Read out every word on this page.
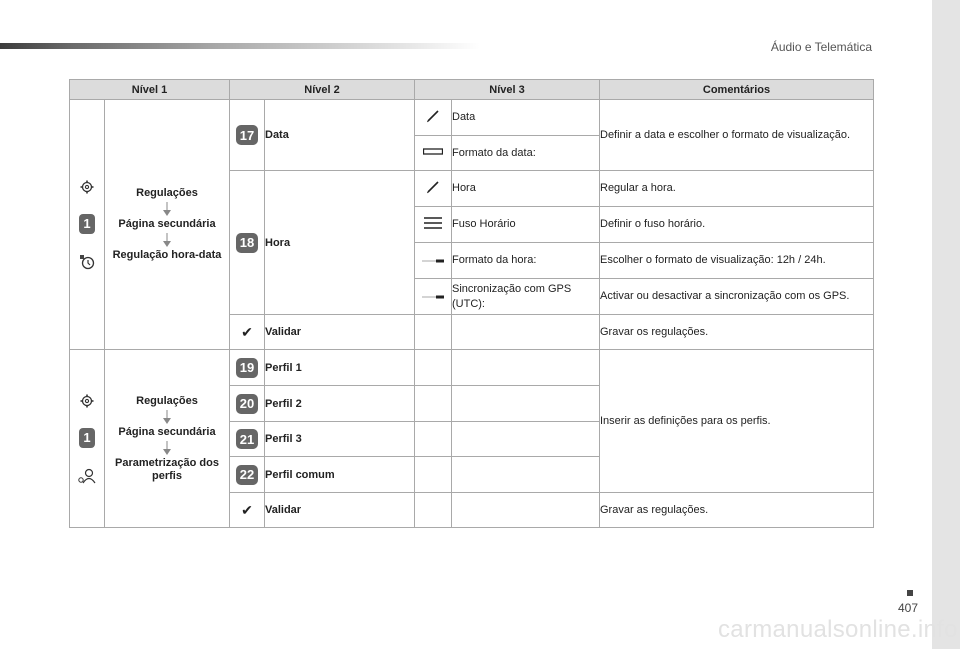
Áudio e Telemática
Nível 1		Nível 2		Nível 3		Comentários

1	Regulações
Página secundária
Regulação hora-data	17	Data		Data	Definir a data e escolher o formato de visualização.
	Formato da data:	
		18	Hora		Hora	Regular a hora.
	Fuso Horário	Definir o fuso horário.
	Formato da hora:	Escolher o formato de visualização: 12h / 24h.
	Sincronização com GPS (UTC):	Activar ou desactivar a sincronização com os GPS.
		✔	Validar			Gravar os regulações.

1	Regulações
Página secundária
Parametrização dos perfis	19	Perfil 1			Inserir as definições para os perfis.
		20	Perfil 2			
		21	Perfil 3			
		22	Perfil comum			
		✔	Validar			Gravar as regulações.
407
carmanualsonline.info
